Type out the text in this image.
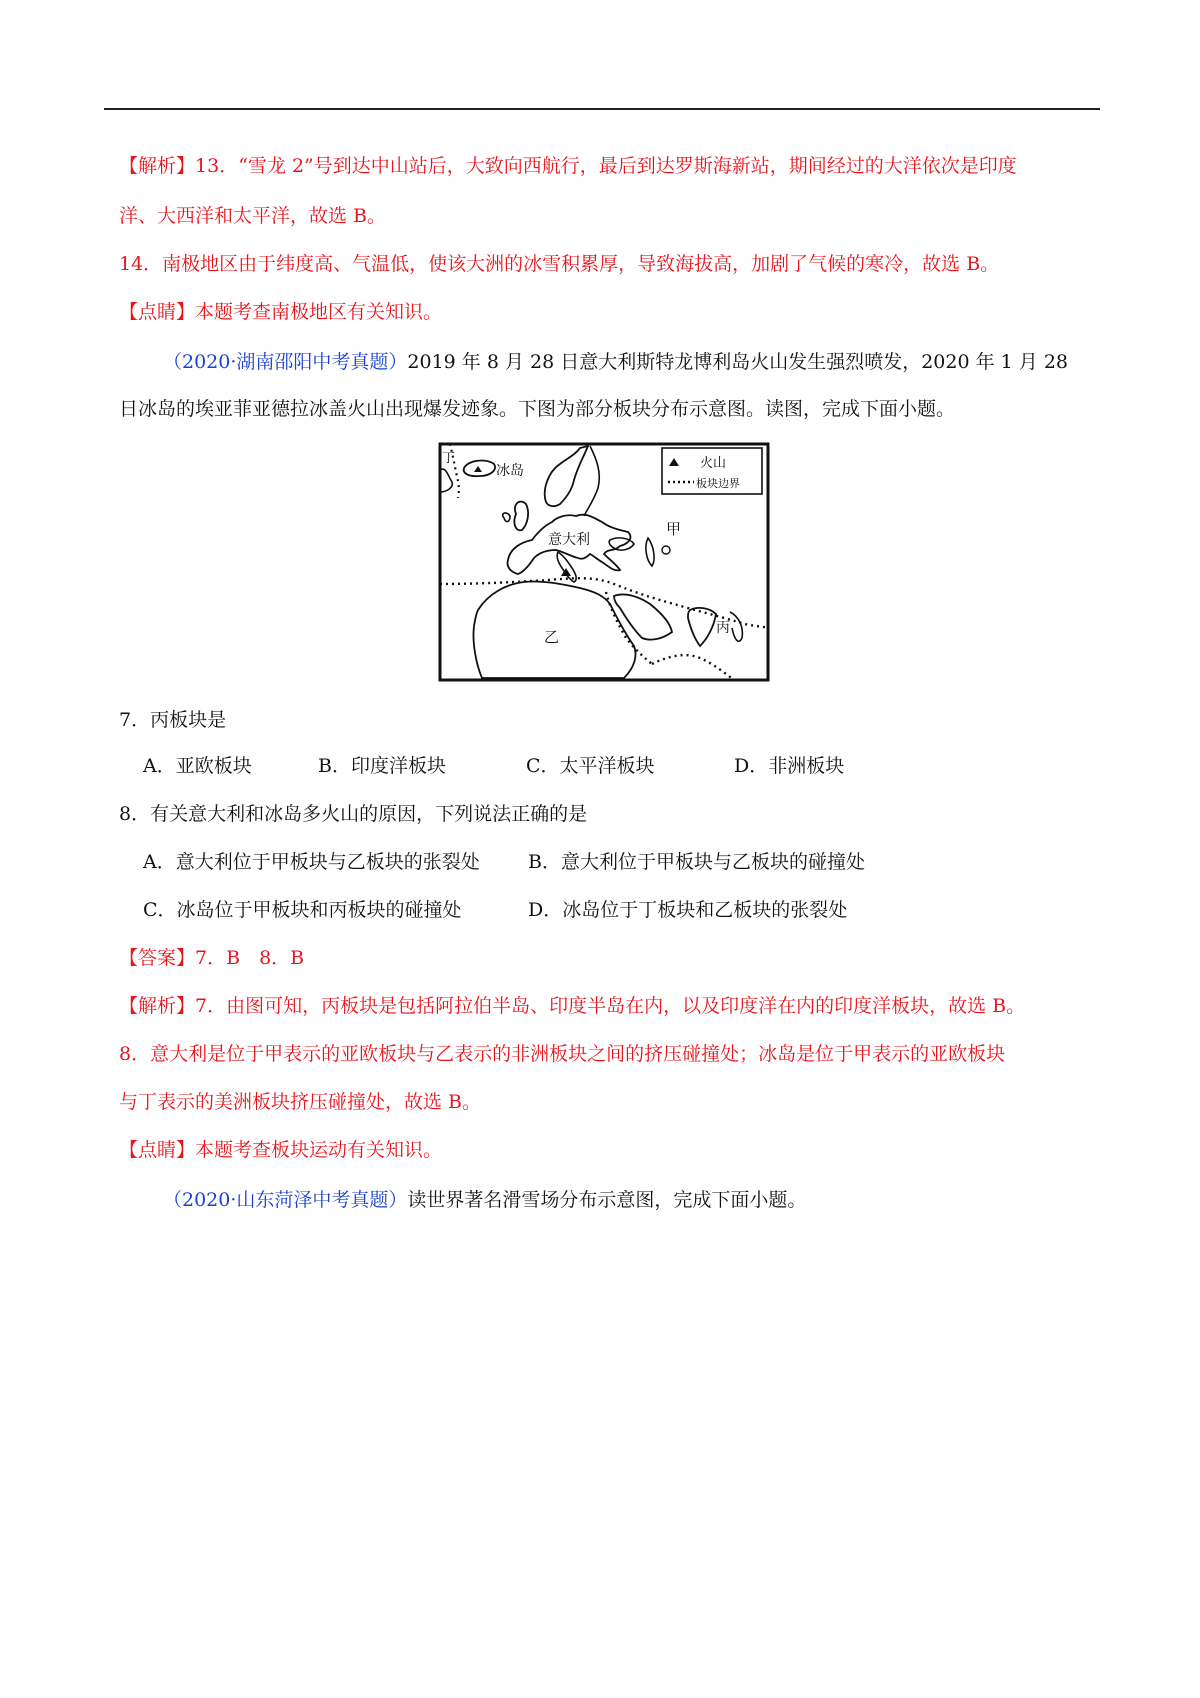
【解析】13．“雪龙 2”号到达中山站后，大致向西航行，最后到达罗斯海新站，期间经过的大洋依次是印度
洋、大西洋和太平洋，故选 B。
14．南极地区由于纬度高、气温低，使该大洲的冰雪积累厚，导致海拔高，加剧了气候的寒冷，故选 B。
【点睛】本题考查南极地区有关知识。
（2020·湖南邵阳中考真题）2019 年 8 月 28 日意大利斯特龙博利岛火山发生强烈喷发，2020 年 1 月 28
日冰岛的埃亚菲亚德拉冰盖火山出现爆发迹象。下图为部分板块分布示意图。读图，完成下面小题。
火山
板块边界
冰岛
丁
意大利
甲
乙	丙
7．丙板块是
A．亚欧板块	B．印度洋板块	C．太平洋板块	D．非洲板块
8．有关意大利和冰岛多火山的原因，下列说法正确的是
A．意大利位于甲板块与乙板块的张裂处	B．意大利位于甲板块与乙板块的碰撞处
C．冰岛位于甲板块和丙板块的碰撞处	D．冰岛位于丁板块和乙板块的张裂处
【答案】7．B　8．B
【解析】7．由图可知，丙板块是包括阿拉伯半岛、印度半岛在内，以及印度洋在内的印度洋板块，故选 B。
8．意大利是位于甲表示的亚欧板块与乙表示的非洲板块之间的挤压碰撞处；冰岛是位于甲表示的亚欧板块
与丁表示的美洲板块挤压碰撞处，故选 B。
【点睛】本题考查板块运动有关知识。
（2020·山东菏泽中考真题）读世界著名滑雪场分布示意图，完成下面小题。
